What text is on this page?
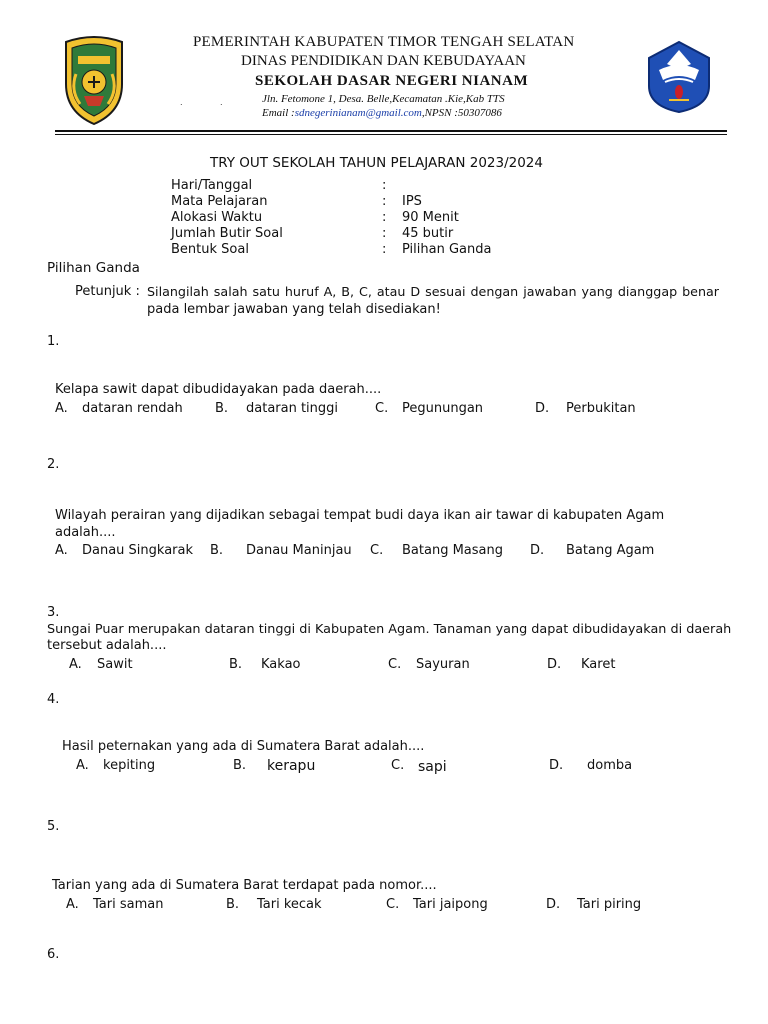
PEMERINTAH KABUPATEN TIMOR TENGAH SELATAN
DINAS PENDIDIKAN DAN KEBUDAYAAN
SEKOLAH DASAR NEGERI NIANAM
Jln. Fetomone 1, Desa. Belle,Kecamatan .Kie,Kab TTS
Email :sdnegerinianam@gmail.com,NPSN :50307086
.	.
TRY OUT SEKOLAH TAHUN PELAJARAN 2023/2024
Hari/Tanggal	:
Mata Pelajaran	: IPS
Alokasi Waktu	: 90 Menit
Jumlah Butir Soal	: 45 butir
Bentuk Soal	: Pilihan Ganda
Pilihan Ganda
Petunjuk : Silangilah salah satu huruf A, B, C, atau D sesuai dengan jawaban yang dianggap benar
pada lembar jawaban yang telah disediakan!
1.
Kelapa sawit dapat dibudidayakan pada daerah....
A. dataran rendah B. dataran tinggi	C. Pegunungan	D. Perbukitan
2.
Wilayah perairan yang dijadikan sebagai tempat budi daya ikan air tawar di kabupaten Agam
adalah....
A. Danau Singkarak B. Danau Maninjau C. Batang Masang D. Batang Agam
3.
Sungai Puar merupakan dataran tinggi di Kabupaten Agam. Tanaman yang dapat dibudidayakan di daerah
tersebut adalah....
A. Sawit	B. Kakao	C. Sayuran	D. Karet
4.
Hasil peternakan yang ada di Sumatera Barat adalah....
A. kepiting	B. kerapu	C. sapi	D. domba
5.
Tarian yang ada di Sumatera Barat terdapat pada nomor....
A. Tari saman	B. Tari kecak	C. Tari jaipong	D. Tari piring
6.
